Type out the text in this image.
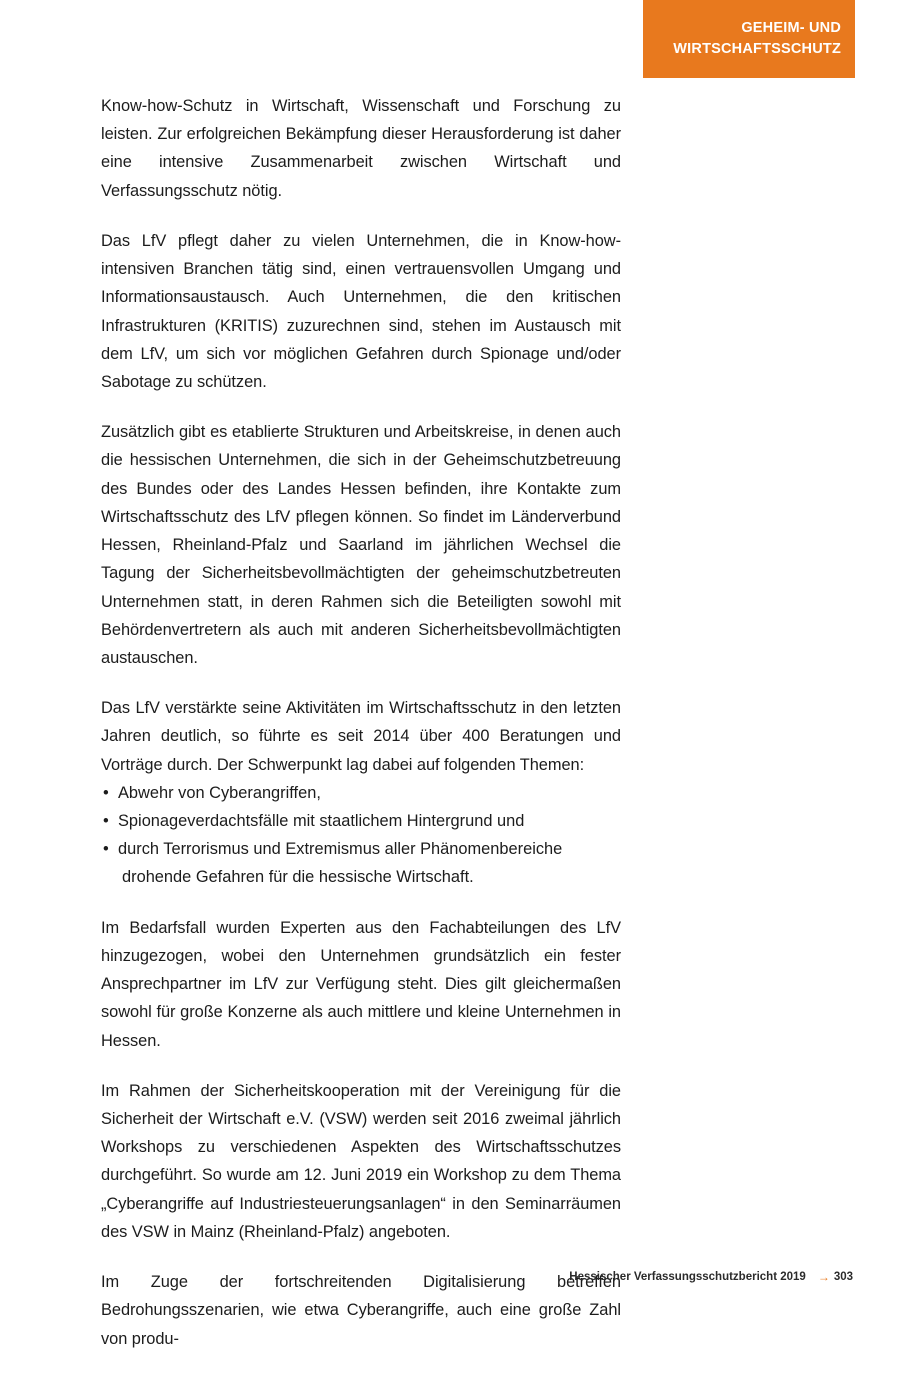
GEHEIM- UND
WIRTSCHAFTSSCHUTZ

Know-how-Schutz in Wirtschaft, Wissenschaft und Forschung zu leisten. Zur erfolgreichen Bekämpfung dieser Herausforderung ist daher eine intensive Zusammenarbeit zwischen Wirtschaft und Verfassungsschutz nötig.

Das LfV pflegt daher zu vielen Unternehmen, die in Know-how-intensiven Branchen tätig sind, einen vertrauensvollen Umgang und Informationsaustausch. Auch Unternehmen, die den kritischen Infrastrukturen (KRITIS) zuzurechnen sind, stehen im Austausch mit dem LfV, um sich vor möglichen Gefahren durch Spionage und/oder Sabotage zu schützen.

Zusätzlich gibt es etablierte Strukturen und Arbeitskreise, in denen auch die hessischen Unternehmen, die sich in der Geheimschutzbetreuung des Bundes oder des Landes Hessen befinden, ihre Kontakte zum Wirtschaftsschutz des LfV pflegen können. So findet im Länderverbund Hessen, Rheinland-Pfalz und Saarland im jährlichen Wechsel die Tagung der Sicherheitsbevollmächtigten der geheimschutzbetreuten Unternehmen statt, in deren Rahmen sich die Beteiligten sowohl mit Behördenvertretern als auch mit anderen Sicherheitsbevollmächtigten austauschen.

Das LfV verstärkte seine Aktivitäten im Wirtschaftsschutz in den letzten Jahren deutlich, so führte es seit 2014 über 400 Beratungen und Vorträge durch. Der Schwerpunkt lag dabei auf folgenden Themen:

• Abwehr von Cyberangriffen,
• Spionageverdachtsfälle mit staatlichem Hintergrund und
• durch Terrorismus und Extremismus aller Phänomenbereiche
drohende Gefahren für die hessische Wirtschaft.

Im Bedarfsfall wurden Experten aus den Fachabteilungen des LfV hinzugezogen, wobei den Unternehmen grundsätzlich ein fester Ansprechpartner im LfV zur Verfügung steht. Dies gilt gleichermaßen sowohl für große Konzerne als auch mittlere und kleine Unternehmen in Hessen.

Im Rahmen der Sicherheitskooperation mit der Vereinigung für die Sicherheit der Wirtschaft e.V. (VSW) werden seit 2016 zweimal jährlich Workshops zu verschiedenen Aspekten des Wirtschaftsschutzes durchgeführt. So wurde am 12. Juni 2019 ein Workshop zu dem Thema „Cyberangriffe auf Industriesteuerungsanlagen“ in den Seminarräumen des VSW in Mainz (Rheinland-Pfalz) angeboten.

Im Zuge der fortschreitenden Digitalisierung betreffen Bedrohungsszenarien, wie etwa Cyberangriffe, auch eine große Zahl von produ-

Hessischer Verfassungsschutzbericht 2019 → 303
